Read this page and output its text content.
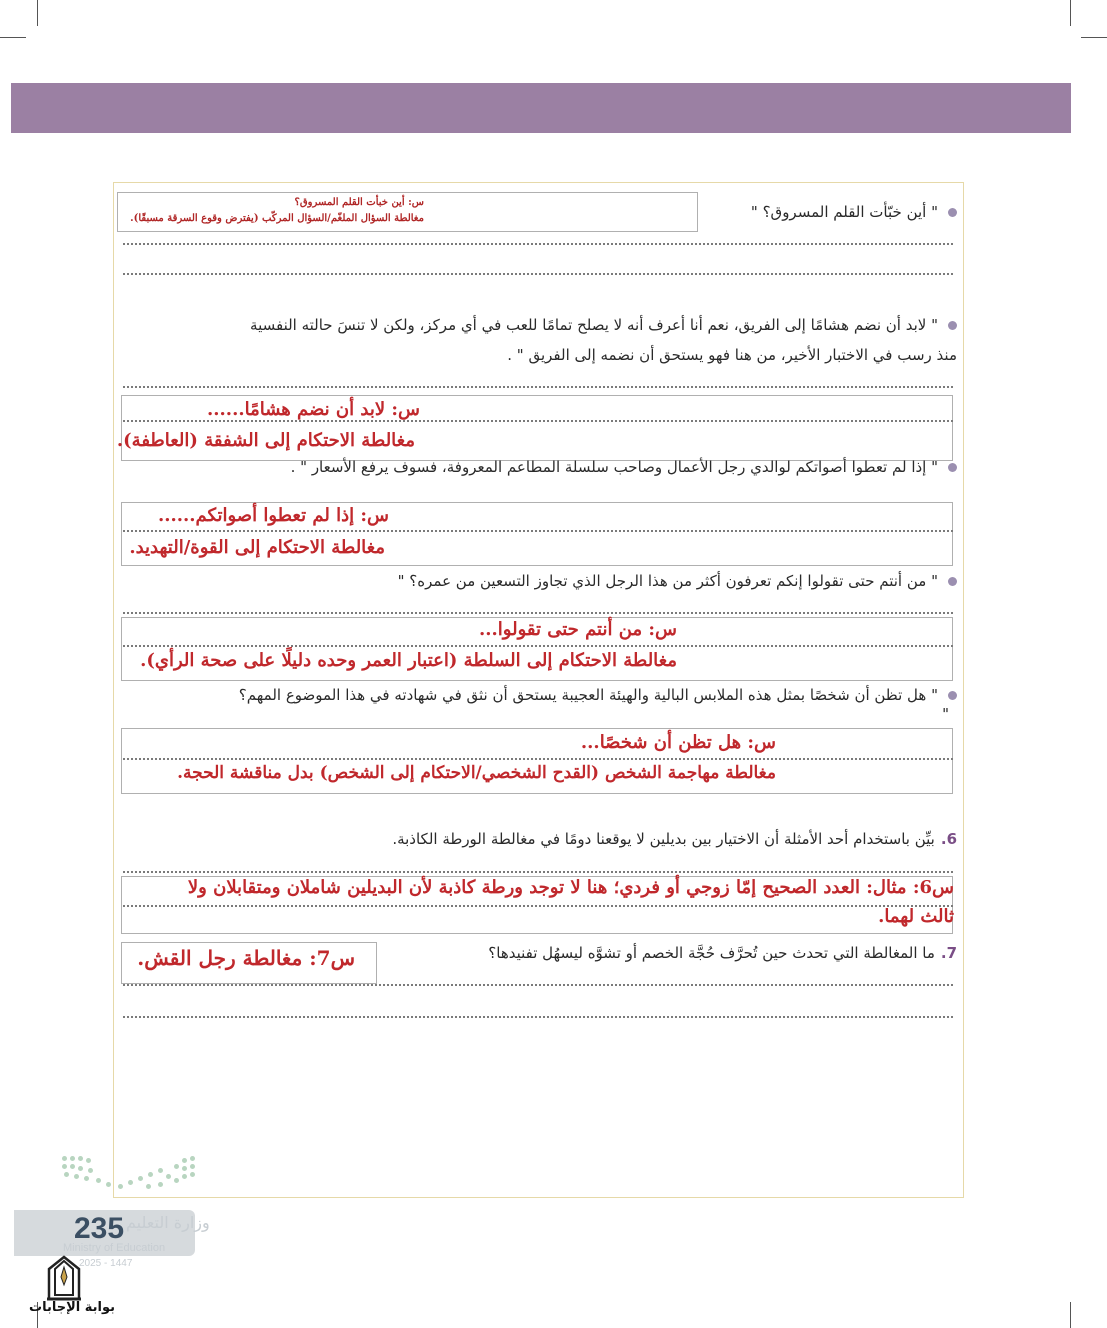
" أين خبّأت القلم المسروق؟ "
س: أين خبأت القلم المسروق؟
مغالطة السؤال الملغّم/السؤال المركّب (يفترض وقوع السرقة مسبقًا).
" لابد أن نضم هشامًا إلى الفريق، نعم أنا أعرف أنه لا يصلح تمامًا للعب في أي مركز، ولكن لا تنسَ حالته النفسية
منذ رسب في الاختبار الأخير، من هنا فهو يستحق أن نضمه إلى الفريق " .
س: لابد أن نضم هشامًا......
مغالطة الاحتكام إلى الشفقة (العاطفة).
" إذا لم تعطوا أصواتكم لوالدي رجل الأعمال وصاحب سلسلة المطاعم المعروفة، فسوف يرفع الأسعار " .
س: إذا لم تعطوا أصواتكم......
مغالطة الاحتكام إلى القوة/التهديد.
" من أنتم حتى تقولوا إنكم تعرفون أكثر من هذا الرجل الذي تجاوز التسعين من عمره؟ "
س: من أنتم حتى تقولوا...
مغالطة الاحتكام إلى السلطة (اعتبار العمر وحده دليلًا على صحة الرأي).
" هل تظن أن شخصًا بمثل هذه الملابس البالية والهيئة العجيبة يستحق أن نثق في شهادته في هذا الموضوع المهم؟
"
س: هل تظن أن شخصًا...
مغالطة مهاجمة الشخص (القدح الشخصي/الاحتكام إلى الشخص) بدل مناقشة الحجة.
6.بيِّن باستخدام أحد الأمثلة أن الاختيار بين بديلين لا يوقعنا دومًا في مغالطة الورطة الكاذبة.
س6: مثال: العدد الصحيح إمّا زوجي أو فردي؛ هنا لا توجد ورطة كاذبة لأن البديلين شاملان ومتقابلان ولا
ثالث لهما.
7.ما المغالطة التي تحدث حين تُحرَّف حُجَّة الخصم أو تشوَّه ليسهُل تفنيدها؟
س7: مغالطة رجل القش.
وزارة التعليم
235
Ministry of Education
2025 - 1447
بوابة الإجابات
